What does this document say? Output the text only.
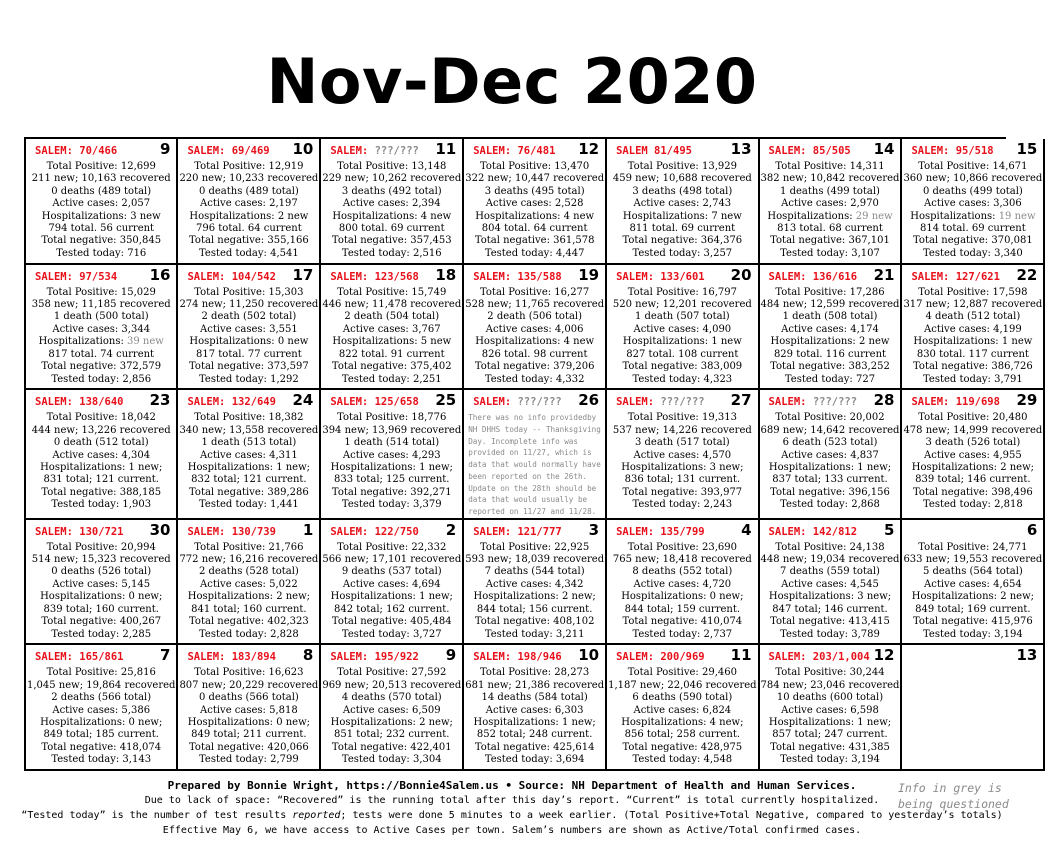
Nov-Dec 2020
SALEM: 70/466	9
Total Positive: 12,699
211 new; 10,163 recovered
0 deaths (489 total)
Active cases: 2,057
Hospitalizations: 3 new
794 total. 56 current
Total negative: 350,845
Tested today: 716
SALEM: 69/469 10
Total Positive: 12,919
220 new; 10,233 recovered
0 deaths (489 total)
Active cases: 2,197
Hospitalizations: 2 new
796 total. 64 current
Total negative: 355,166
Tested today: 4,541
SALEM: ???/??? 11
Total Positive: 13,148
229 new; 10,262 recovered
3 deaths (492 total)
Active cases: 2,394
Hospitalizations: 4 new
800 total. 69 current
Total negative: 357,453
Tested today: 2,516
SALEM: 76/481 12
Total Positive: 13,470
322 new; 10,447 recovered
3 deaths (495 total)
Active cases: 2,528
Hospitalizations: 4 new
804 total. 64 current
Total negative: 361,578
Tested today: 4,447
SALEM 81/495	13
Total Positive: 13,929
459 new; 10,688 recovered
3 deaths (498 total)
Active cases: 2,743
Hospitalizations: 7 new
811 total. 69 current
Total negative: 364,376
Tested today: 3,257
SALEM: 85/505 14
Total Positive: 14,311
382 new; 10,842 recovered
1 deaths (499 total)
Active cases: 2,970
Hospitalizations: 29 new
813 total. 68 current
Total negative: 367,101
Tested today: 3,107
SALEM: 95/518 15
Total Positive: 14,671
360 new; 10,866 recovered
0 deaths (499 total)
Active cases: 3,306
Hospitalizations: 19 new
814 total. 69 current
Total negative: 370,081
Tested today: 3,340
SALEM: 97/534 16
Total Positive: 15,029
358 new; 11,185 recovered
1 death (500 total)
Active cases: 3,344
Hospitalizations: 39 new
817 total. 74 current
Total negative: 372,579
Tested today: 2,856
SALEM: 104/542 17
Total Positive: 15,303
274 new; 11,250 recovered
2 death (502 total)
Active cases: 3,551
Hospitalizations: 0 new
817 total. 77 current
Total negative: 373,597
Tested today: 1,292
SALEM: 123/568 18
Total Positive: 15,749
446 new; 11,478 recovered
2 death (504 total)
Active cases: 3,767
Hospitalizations: 5 new
822 total. 91 current
Total negative: 375,402
Tested today: 2,251
SALEM: 135/588 19
Total Positive: 16,277
528 new; 11,765 recovered
2 death (506 total)
Active cases: 4,006
Hospitalizations: 4 new
826 total. 98 current
Total negative: 379,206
Tested today: 4,332
SALEM: 133/601 20
Total Positive: 16,797
520 new; 12,201 recovered
1 death (507 total)
Active cases: 4,090
Hospitalizations: 1 new
827 total. 108 current
Total negative: 383,009
Tested today: 4,323
SALEM: 136/616 21
Total Positive: 17,286
484 new; 12,599 recovered
1 death (508 total)
Active cases: 4,174
Hospitalizations: 2 new
829 total. 116 current
Total negative: 383,252
Tested today: 727
SALEM: 127/621 22
Total Positive: 17,598
317 new; 12,887 recovered
4 death (512 total)
Active cases: 4,199
Hospitalizations: 1 new
830 total. 117 current
Total negative: 386,726
Tested today: 3,791
SALEM: 138/640 23
Total Positive: 18,042
444 new; 13,226 recovered
0 death (512 total)
Active cases: 4,304
Hospitalizations: 1 new;
831 total; 121 current.
Total negative: 388,185
Tested today: 1,903
SALEM: 132/649 24
Total Positive: 18,382
340 new; 13,558 recovered
1 death (513 total)
Active cases: 4,311
Hospitalizations: 1 new;
832 total; 121 current.
Total negative: 389,286
Tested today: 1,441
SALEM: 125/658 25
Total Positive: 18,776
394 new; 13,969 recovered
1 death (514 total)
Active cases: 4,293
Hospitalizations: 1 new;
833 total; 125 current.
Total negative: 392,271
Tested today: 3,379
SALEM: ???/??? 26
There was no info providedby NH DHHS today -- Thanksgiving Day. Incomplete info was provided on 11/27, which is data that would normally have been reported on the 26th. Update on the 28th should be data that would usually be reported on 11/27 and 11/28.
SALEM: ???/??? 27
Total Positive: 19,313
537 new; 14,226 recovered
3 death (517 total)
Active cases: 4,570
Hospitalizations: 3 new;
836 total; 131 current.
Total negative: 393,977
Tested today: 2,243
SALEM: ???/??? 28
Total Positive: 20,002
689 new; 14,642 recovered
6 death (523 total)
Active cases: 4,837
Hospitalizations: 1 new;
837 total; 133 current.
Total negative: 396,156
Tested today: 2,868
SALEM: 119/698 29
Total Positive: 20,480
478 new; 14,999 recovered
3 death (526 total)
Active cases: 4,955
Hospitalizations: 2 new;
839 total; 146 current.
Total negative: 398,496
Tested today: 2,818
SALEM: 130/721 30
Total Positive: 20,994
514 new; 15,323 recovered
0 deaths (526 total)
Active cases: 5,145
Hospitalizations: 0 new;
839 total; 160 current.
Total negative: 400,267
Tested today: 2,285
SALEM: 130/739 1
Total Positive: 21,766
772 new; 16,216 recovered
2 deaths (528 total)
Active cases: 5,022
Hospitalizations: 2 new;
841 total; 160 current.
Total negative: 402,323
Tested today: 2,828
SALEM: 122/750 2
Total Positive: 22,332
566 new; 17,101 recovered
9 deaths (537 total)
Active cases: 4,694
Hospitalizations: 1 new;
842 total; 162 current.
Total negative: 405,484
Tested today: 3,727
SALEM: 121/777 3
Total Positive: 22,925
593 new; 18,039 recovered
7 deaths (544 total)
Active cases: 4,342
Hospitalizations: 2 new;
844 total; 156 current.
Total negative: 408,102
Tested today: 3,211
SALEM: 135/799 4
Total Positive: 23,690
765 new; 18,418 recovered
8 deaths (552 total)
Active cases: 4,720
Hospitalizations: 0 new;
844 total; 159 current.
Total negative: 410,074
Tested today: 2,737
SALEM: 142/812 5
Total Positive: 24,138
448 new; 19,034 recovered
7 deaths (559 total)
Active cases: 4,545
Hospitalizations: 3 new;
847 total; 146 current.
Total negative: 413,415
Tested today: 3,789
6
Total Positive: 24,771
633 new; 19,553 recovered
5 deaths (564 total)
Active cases: 4,654
Hospitalizations: 2 new;
849 total; 169 current.
Total negative: 415,976
Tested today: 3,194
SALEM: 165/861 7
Total Positive: 25,816
1,045 new; 19,864 recovered
2 deaths (566 total)
Active cases: 5,386
Hospitalizations: 0 new;
849 total; 185 current.
Total negative: 418,074
Tested today: 3,143
SALEM: 183/894 8
Total Positive: 16,623
807 new; 20,229 recovered
0 deaths (566 total)
Active cases: 5,818
Hospitalizations: 0 new;
849 total; 211 current.
Total negative: 420,066
Tested today: 2,799
SALEM: 195/922 9
Total Positive: 27,592
969 new; 20,513 recovered
4 deaths (570 total)
Active cases: 6,509
Hospitalizations: 2 new;
851 total; 232 current.
Total negative: 422,401
Tested today: 3,304
SALEM: 198/946 10
Total Positive: 28,273
681 new; 21,386 recovered
14 deaths (584 total)
Active cases: 6,303
Hospitalizations: 1 new;
852 total; 248 current.
Total negative: 425,614
Tested today: 3,694
SALEM: 200/969 11
Total Positive: 29,460
1,187 new; 22,046 recovered
6 deaths (590 total)
Active cases: 6,824
Hospitalizations: 4 new;
856 total; 258 current.
Total negative: 428,975
Tested today: 4,548
SALEM: 203/1,004 12
Total Positive: 30,244
784 new; 23,046 recovered
10 deaths (600 total)
Active cases: 6,598
Hospitalizations: 1 new;
857 total; 247 current.
Total negative: 431,385
Tested today: 3,194
13
Prepared by Bonnie Wright, https://Bonnie4Salem.us • Source: NH Department of Health and Human Services.
Due to lack of space: “Recovered” is the running total after this day’s report. “Current” is total currently hospitalized.
“Tested today” is the number of test results reported; tests were done 5 minutes to a week earlier. (Total Positive+Total Negative, compared to yesterday’s totals)
Effective May 6, we have access to Active Cases per town. Salem’s numbers are shown as Active/Total confirmed cases.
Info in grey is being questioned
